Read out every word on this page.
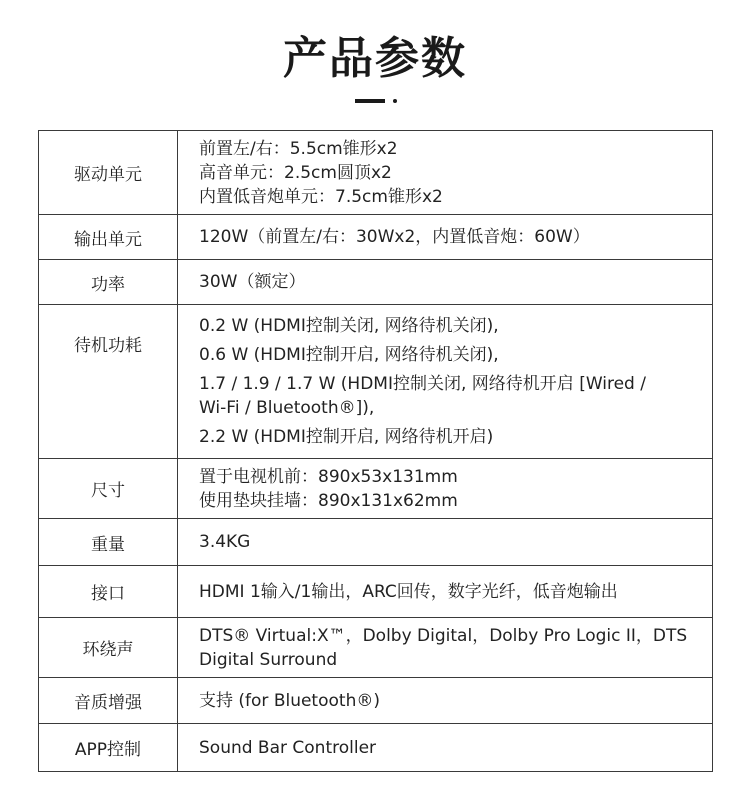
产品参数
驱动单元	前置左/右：5.5cm锥形x2
高音单元：2.5cm圆顶x2
内置低音炮单元：7.5cm锥形x2

输出单元	120W（前置左/右：30Wx2，内置低音炮：60W）

功率	30W（额定）

待机功耗	0.2 W (HDMI控制关闭, 网络待机关闭),
0.6 W (HDMI控制开启, 网络待机关闭),
1.7 / 1.9 / 1.7 W (HDMI控制关闭, 网络待机开启 [Wired / Wi-Fi / Bluetooth®]),
2.2 W (HDMI控制开启, 网络待机开启)

尺寸	置于电视机前：890x53x131mm
使用垫块挂墙：890x131x62mm

重量	3.4KG

接口	HDMI 1输入/1输出，ARC回传，数字光纤，低音炮输出

环绕声	DTS® Virtual:X™，Dolby Digital，Dolby Pro Logic II，DTS Digital Surround

音质增强	支持 (for Bluetooth®)

APP控制	Sound Bar Controller
